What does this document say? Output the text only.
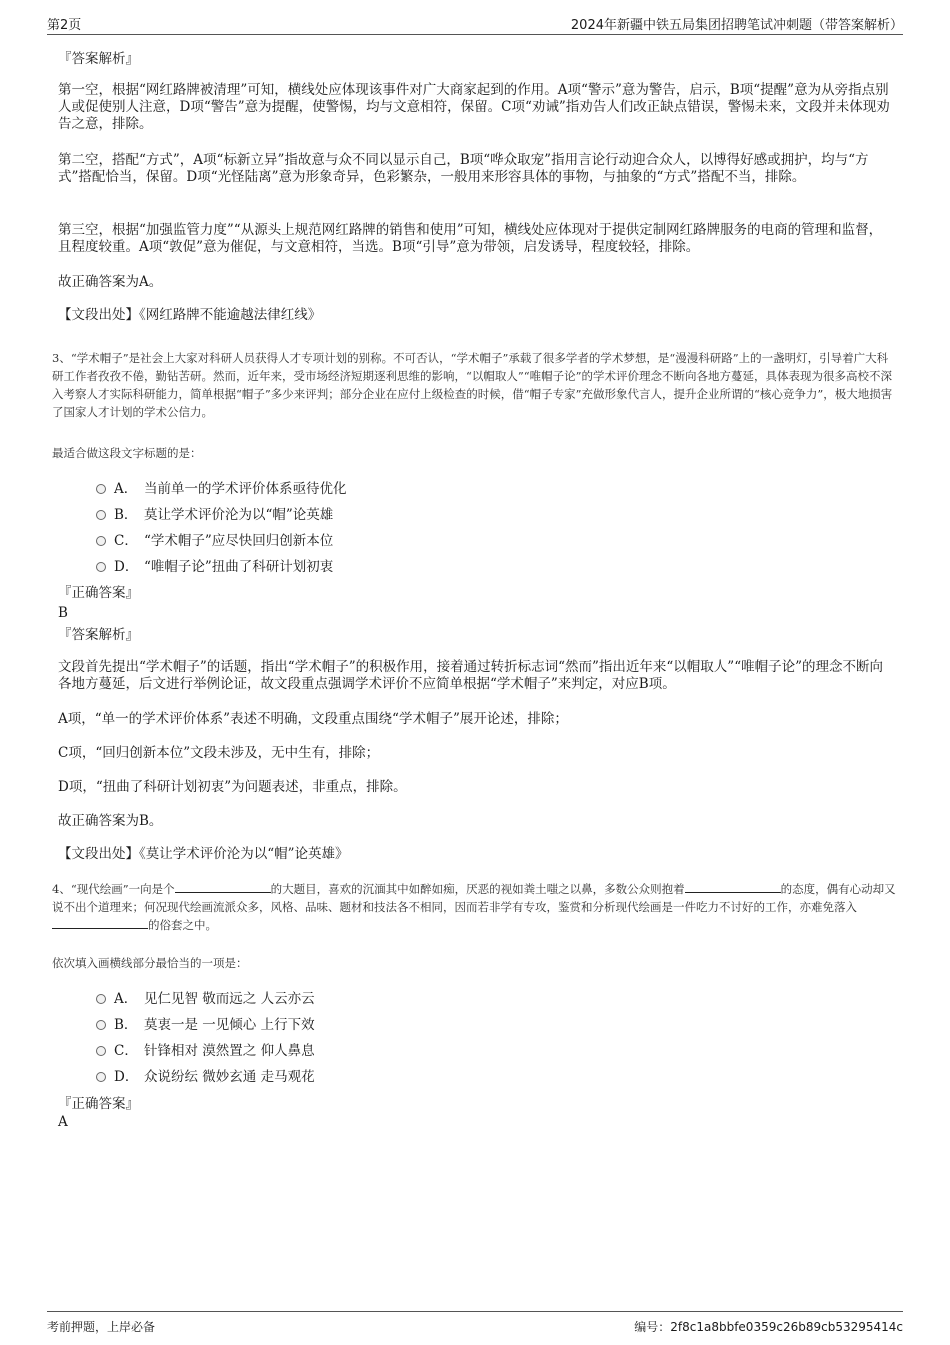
第2页	2024年新疆中铁五局集团招聘笔试冲刺题（带答案解析）
『答案解析』
第一空，根据“网红路牌被清理”可知，横线处应体现该事件对广大商家起到的作用。A项“警示”意为警告，启示，B项“提醒”意为从旁指点别人或促使别人注意，D项“警告”意为提醒，使警惕，均与文意相符，保留。C项“劝诫”指劝告人们改正缺点错误，警惕未来，文段并未体现劝告之意，排除。
第二空，搭配“方式”，A项“标新立异”指故意与众不同以显示自己，B项“哗众取宠”指用言论行动迎合众人，以博得好感或拥护，均与“方式”搭配恰当，保留。D项“光怪陆离”意为形象奇异，色彩繁杂，一般用来形容具体的事物，与抽象的“方式”搭配不当，排除。
第三空，根据“加强监管力度”“从源头上规范网红路牌的销售和使用”可知，横线处应体现对于提供定制网红路牌服务的电商的管理和监督，且程度较重。A项“敦促”意为催促，与文意相符，当选。B项“引导”意为带领，启发诱导，程度较轻，排除。
故正确答案为A。
【文段出处】《网红路牌不能逾越法律红线》
3、“学术帽子”是社会上大家对科研人员获得人才专项计划的别称。不可否认，“学术帽子”承载了很多学者的学术梦想，是“漫漫科研路”上的一盏明灯，引导着广大科研工作者孜孜不倦，勤钻苦研。然而，近年来，受市场经济短期逐利思维的影响，“以帽取人”“唯帽子论”的学术评价理念不断向各地方蔓延，具体表现为很多高校不深入考察人才实际科研能力，简单根据“帽子”多少来评判；部分企业在应付上级检查的时候，借“帽子专家”充做形象代言人，提升企业所谓的“核心竞争力”，极大地损害了国家人才计划的学术公信力。
最适合做这段文字标题的是：
A． 当前单一的学术评价体系亟待优化
B． 莫让学术评价沦为以“帽”论英雄
C． “学术帽子”应尽快回归创新本位
D． “唯帽子论”扭曲了科研计划初衷
『正确答案』
B
『答案解析』
文段首先提出“学术帽子”的话题，指出“学术帽子”的积极作用，接着通过转折标志词“然而”指出近年来“以帽取人”“唯帽子论”的理念不断向各地方蔓延，后文进行举例论证，故文段重点强调学术评价不应简单根据“学术帽子”来判定，对应B项。
A项，“单一的学术评价体系”表述不明确，文段重点围绕“学术帽子”展开论述，排除；
C项，“回归创新本位”文段未涉及，无中生有，排除；
D项，“扭曲了科研计划初衷”为问题表述，非重点，排除。
故正确答案为B。
【文段出处】《莫让学术评价沦为以“帽”论英雄》
4、“现代绘画”一向是个	的大题目，喜欢的沉湎其中如醉如痴，厌恶的视如粪土嗤之以鼻，多数公众则抱着	的态度，偶有心动却又说不出个道理来；何况现代绘画流派众多，风格、品味、题材和技法各不相同，因而若非学有专攻，鉴赏和分析现代绘画是一件吃力不讨好的工作，亦难免落入的俗套之中。
依次填入画横线部分最恰当的一项是：
A． 见仁见智 敬而远之 人云亦云
B． 莫衷一是 一见倾心 上行下效
C． 针锋相对 漠然置之 仰人鼻息
D． 众说纷纭 微妙玄通 走马观花
『正确答案』
A
考前押题，上岸必备	编号：2f8c1a8bbfe0359c26b89cb53295414c
